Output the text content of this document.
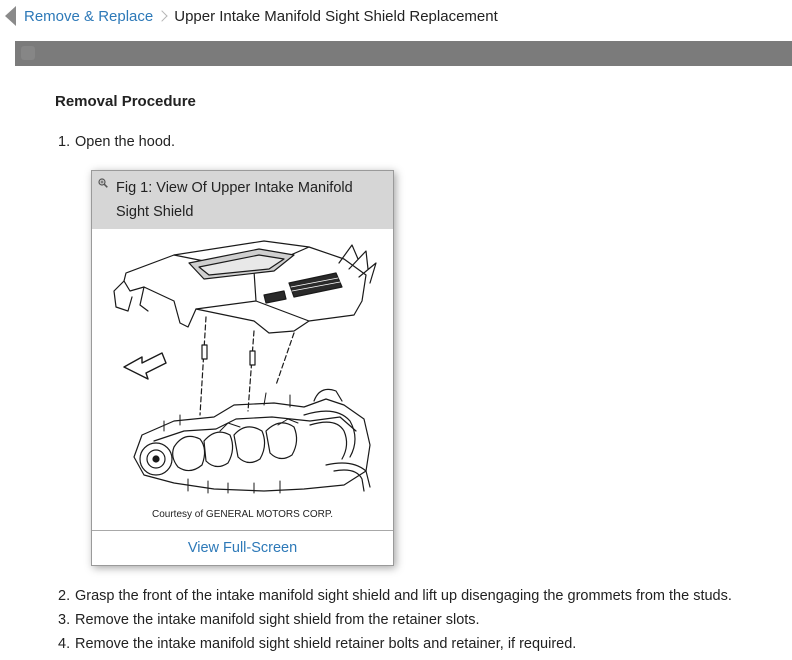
Remove & Replace Upper Intake Manifold Sight Shield Replacement
Removal Procedure
1. Open the hood.
Fig 1: View Of Upper Intake Manifold Sight Shield
Courtesy of GENERAL MOTORS CORP.
View Full-Screen
2. Grasp the front of the intake manifold sight shield and lift up disengaging the grommets from the studs.
3. Remove the intake manifold sight shield from the retainer slots.
4. Remove the intake manifold sight shield retainer bolts and retainer, if required.
